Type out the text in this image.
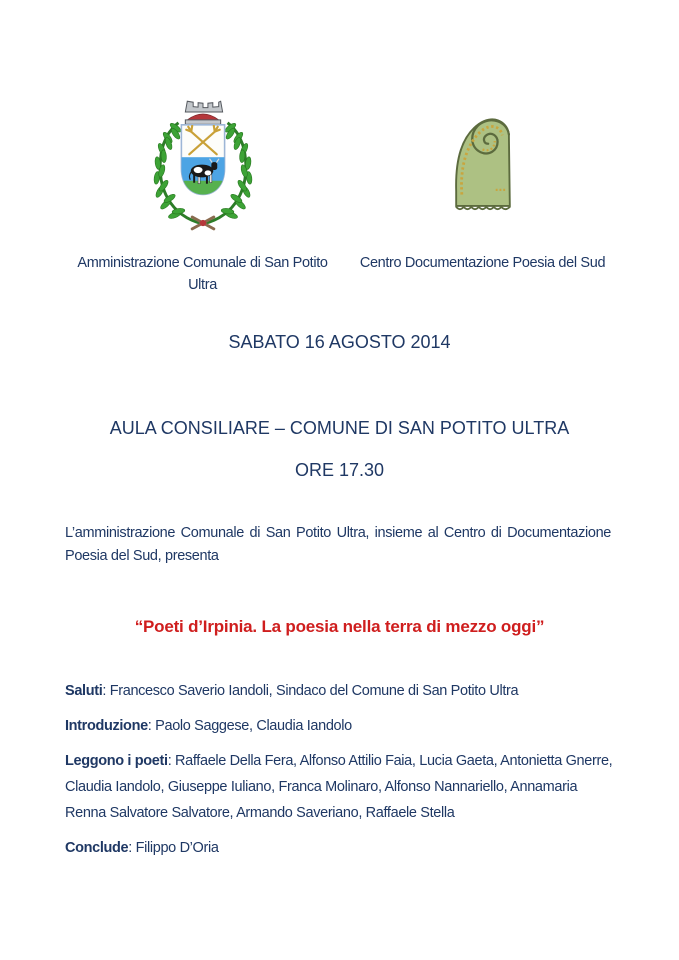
Amministrazione Comunale di San Potito Ultra

Centro Documentazione Poesia del Sud

SABATO 16 AGOSTO 2014
AULA CONSILIARE – COMUNE DI SAN POTITO ULTRA
ORE 17.30

L’amministrazione Comunale di San Potito Ultra, insieme al Centro di Documentazione Poesia del Sud, presenta

“Poeti d’Irpinia. La poesia nella terra di mezzo oggi”

Saluti: Francesco Saverio Iandoli, Sindaco del Comune di San Potito Ultra

Introduzione: Paolo Saggese, Claudia Iandolo

Leggono i poeti: Raffaele Della Fera, Alfonso Attilio Faia, Lucia Gaeta, Antonietta Gnerre, Claudia Iandolo, Giuseppe Iuliano, Franca Molinaro, Alfonso Nannariello, Annamaria Renna Salvatore Salvatore, Armando Saveriano, Raffaele Stella

Conclude: Filippo D’Oria
